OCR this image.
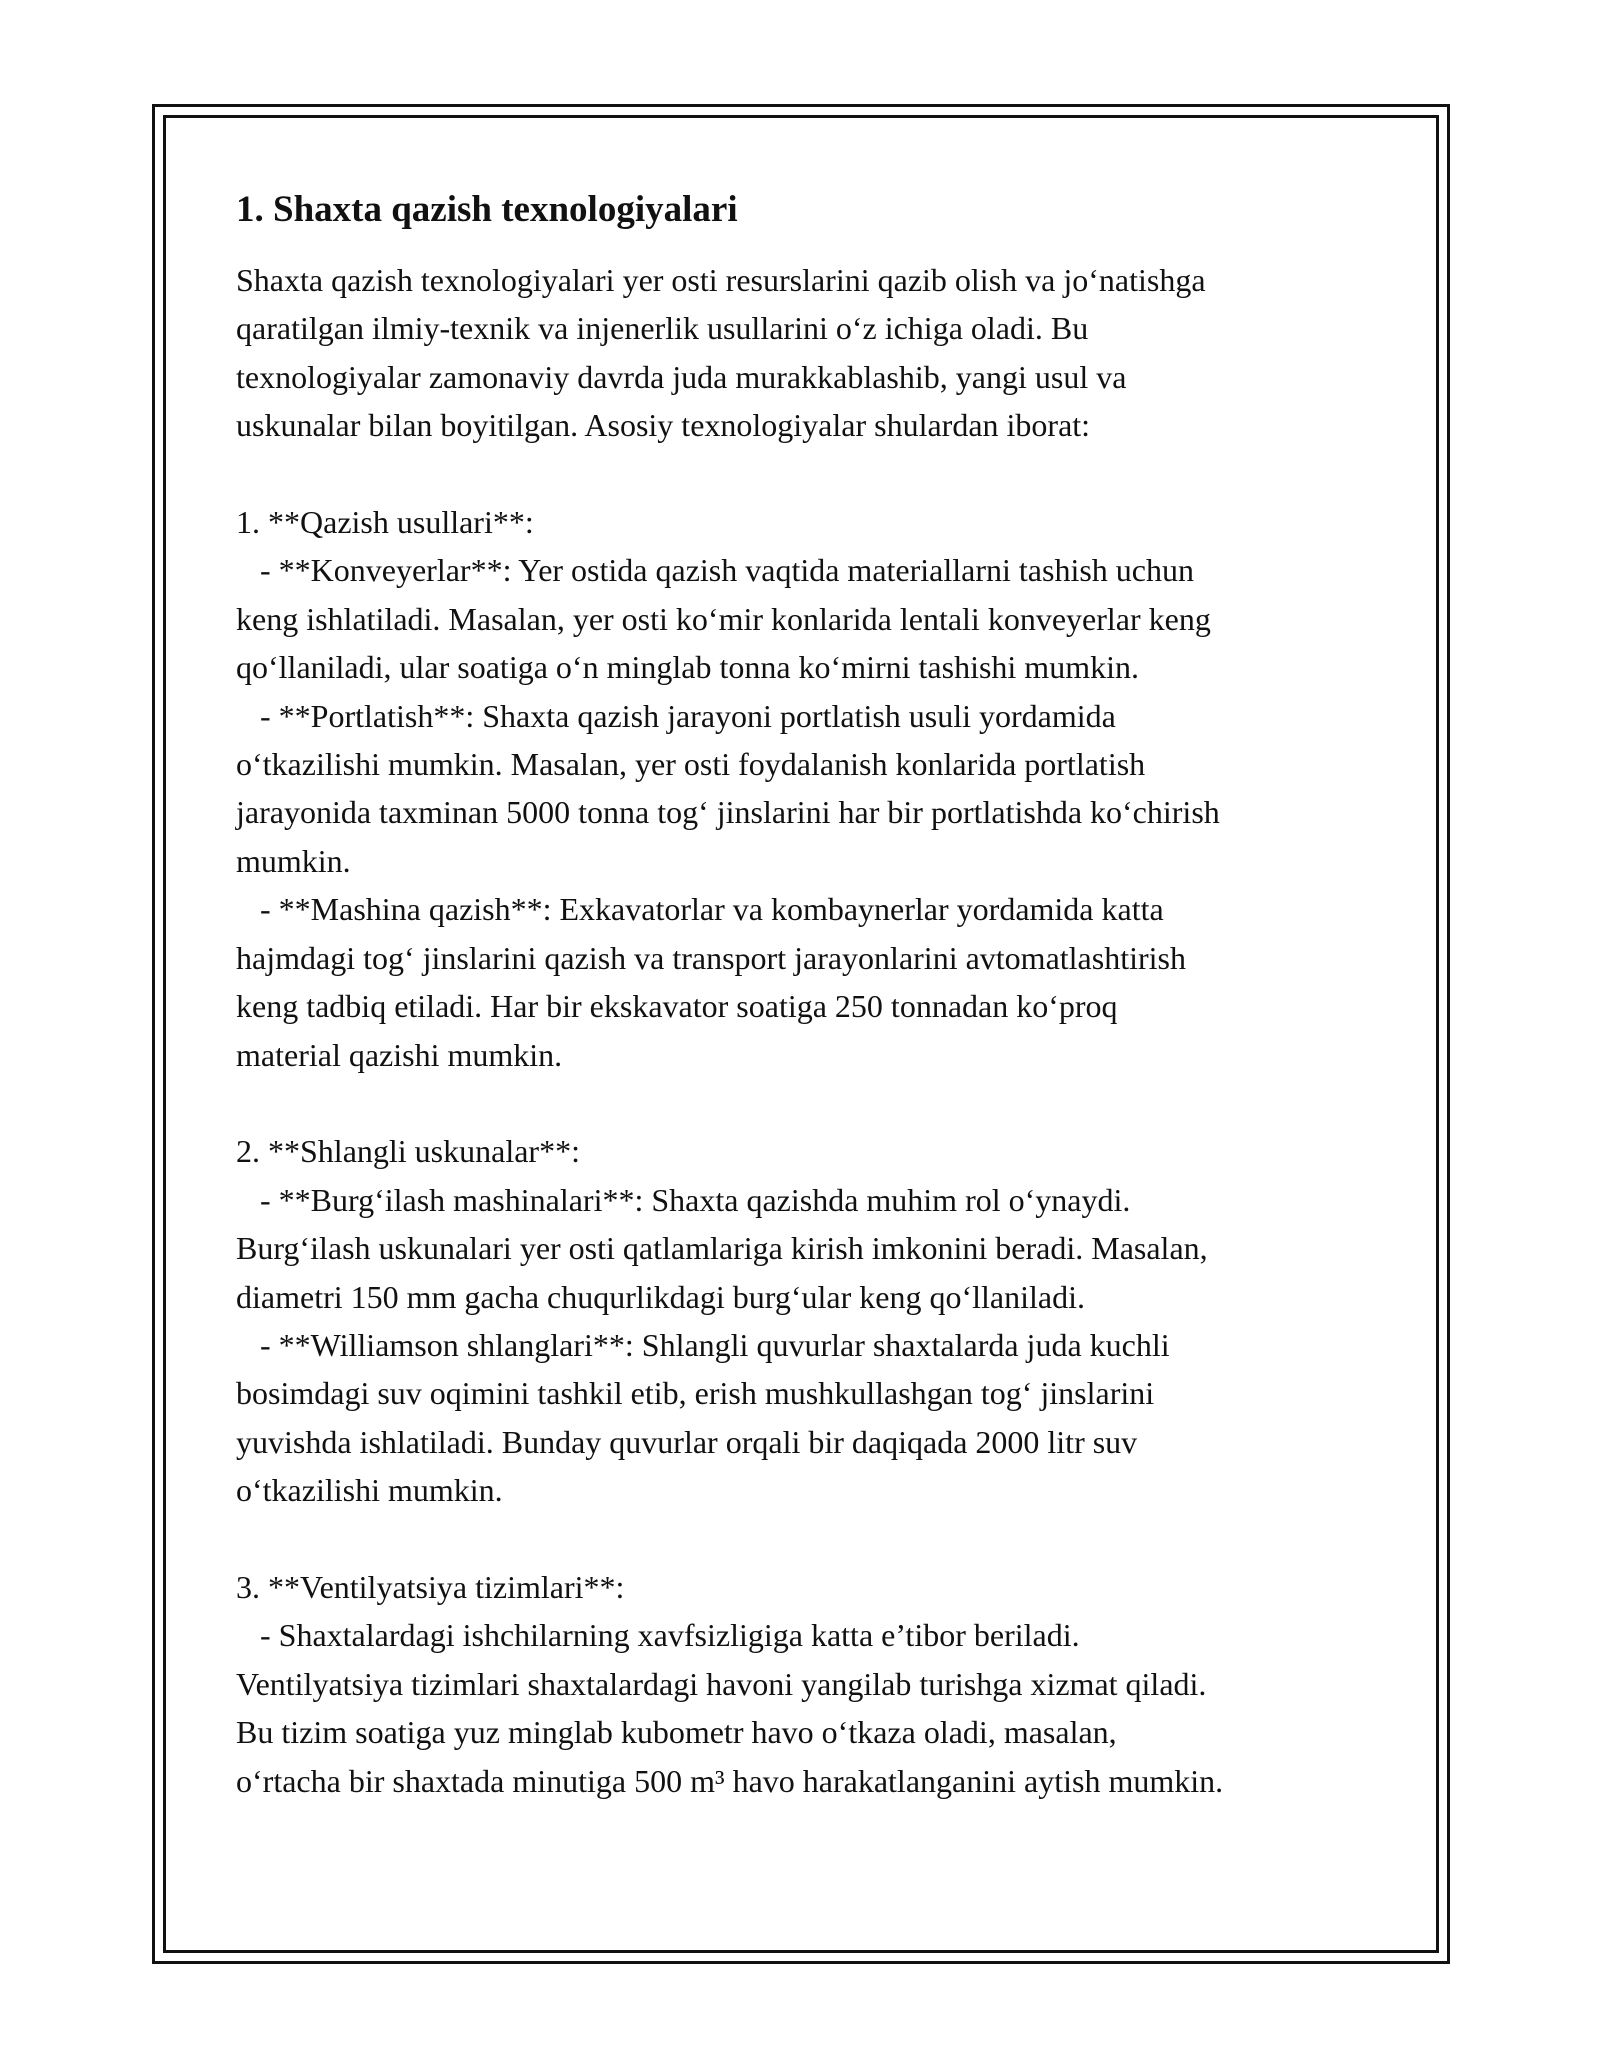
1. Shaxta qazish texnologiyalari

Shaxta qazish texnologiyalari yer osti resurslarini qazib olish va jo‘natishga
qaratilgan ilmiy-texnik va injenerlik usullarini o‘z ichiga oladi. Bu
texnologiyalar zamonaviy davrda juda murakkablashib, yangi usul va
uskunalar bilan boyitilgan. Asosiy texnologiyalar shulardan iborat:

1. **Qazish usullari**:
- **Konveyerlar**: Yer ostida qazish vaqtida materiallarni tashish uchun
keng ishlatiladi. Masalan, yer osti ko‘mir konlarida lentali konveyerlar keng
qo‘llaniladi, ular soatiga o‘n minglab tonna ko‘mirni tashishi mumkin.
- **Portlatish**: Shaxta qazish jarayoni portlatish usuli yordamida
o‘tkazilishi mumkin. Masalan, yer osti foydalanish konlarida portlatish
jarayonida taxminan 5000 tonna tog‘ jinslarini har bir portlatishda ko‘chirish
mumkin.
- **Mashina qazish**: Exkavatorlar va kombaynerlar yordamida katta
hajmdagi tog‘ jinslarini qazish va transport jarayonlarini avtomatlashtirish
keng tadbiq etiladi. Har bir ekskavator soatiga 250 tonnadan ko‘proq
material qazishi mumkin.

2. **Shlangli uskunalar**:
- **Burg‘ilash mashinalari**: Shaxta qazishda muhim rol o‘ynaydi.
Burg‘ilash uskunalari yer osti qatlamlariga kirish imkonini beradi. Masalan,
diametri 150 mm gacha chuqurlikdagi burg‘ular keng qo‘llaniladi.
- **Williamson shlanglari**: Shlangli quvurlar shaxtalarda juda kuchli
bosimdagi suv oqimini tashkil etib, erish mushkullashgan tog‘ jinslarini
yuvishda ishlatiladi. Bunday quvurlar orqali bir daqiqada 2000 litr suv
o‘tkazilishi mumkin.

3. **Ventilyatsiya tizimlari**:
- Shaxtalardagi ishchilarning xavfsizligiga katta e’tibor beriladi.
Ventilyatsiya tizimlari shaxtalardagi havoni yangilab turishga xizmat qiladi.
Bu tizim soatiga yuz minglab kubometr havo o‘tkaza oladi, masalan,
o‘rtacha bir shaxtada minutiga 500 m³ havo harakatlanganini aytish mumkin.
